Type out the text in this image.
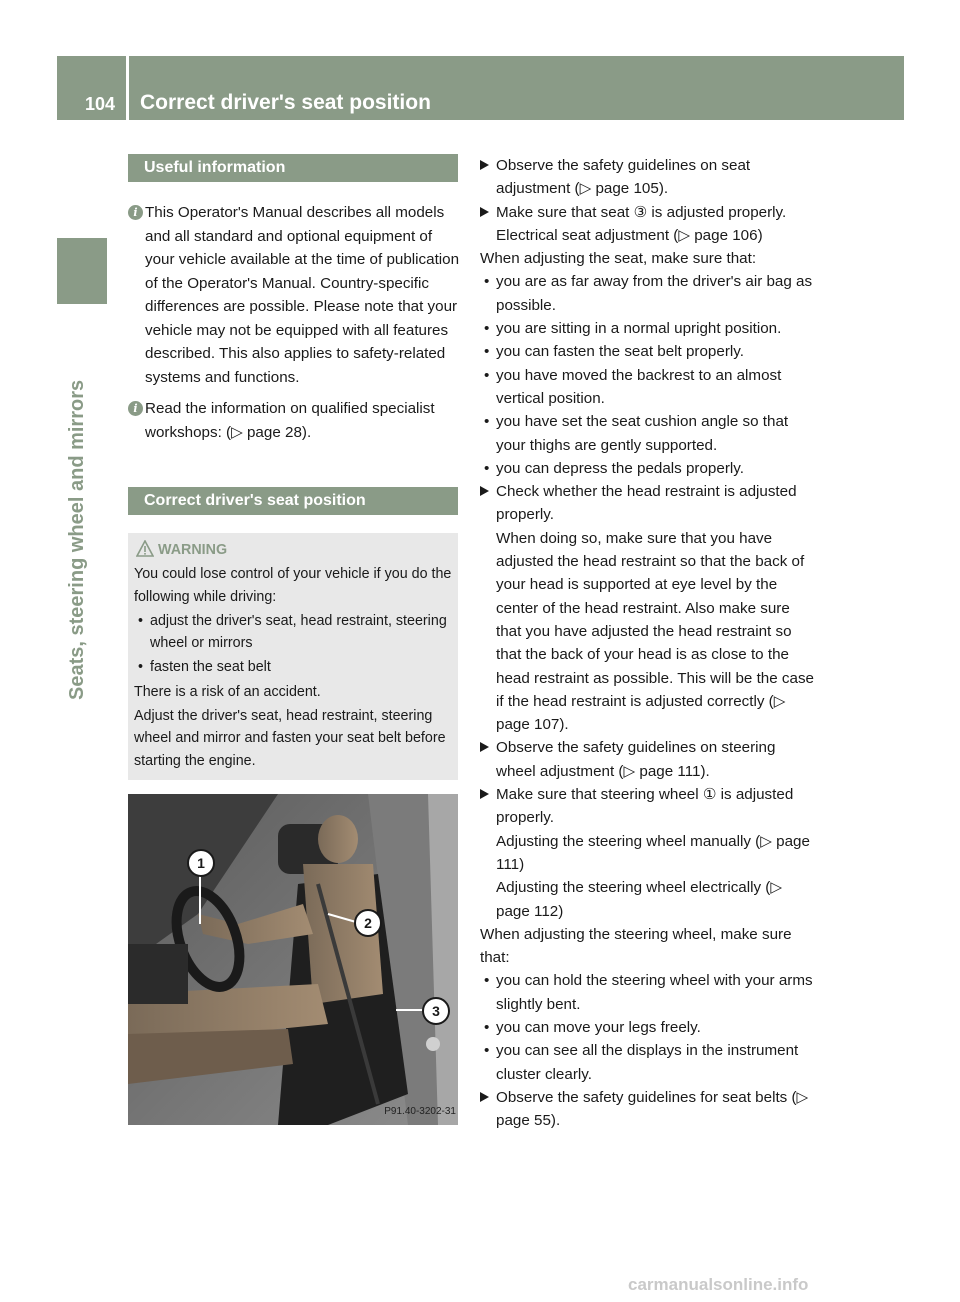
104 Correct driver's seat position
Seats, steering wheel and mirrors
Useful information

i This Operator's Manual describes all models and all standard and optional equipment of your vehicle available at the time of publication of the Operator's Manual. Country-specific differences are possible. Please note that your vehicle may not be equipped with all features described. This also applies to safety-related systems and functions.

i Read the information on qualified specialist workshops: (▷ page 28).

Correct driver's seat position

WARNING

You could lose control of your vehicle if you do the following while driving:

• adjust the driver's seat, head restraint, steering wheel or mirrors

• fasten the seat belt

There is a risk of an accident.

Adjust the driver's seat, head restraint, steering wheel and mirror and fasten your seat belt before starting the engine.

1
2
3
P91.40-3202-31

Observe the safety guidelines on seat adjustment (▷ page 105).

Make sure that seat ③ is adjusted properly.

Electrical seat adjustment (▷ page 106)

When adjusting the seat, make sure that:

• you are as far away from the driver's air bag as possible.

• you are sitting in a normal upright position.

• you can fasten the seat belt properly.

• you have moved the backrest to an almost vertical position.

• you have set the seat cushion angle so that your thighs are gently supported.

• you can depress the pedals properly.

Check whether the head restraint is adjusted properly.

When doing so, make sure that you have adjusted the head restraint so that the back of your head is supported at eye level by the center of the head restraint. Also make sure that you have adjusted the head restraint so that the back of your head is as close to the head restraint as possible. This will be the case if the head restraint is adjusted correctly (▷ page 107).

Observe the safety guidelines on steering wheel adjustment (▷ page 111).

Make sure that steering wheel ① is adjusted properly.

Adjusting the steering wheel manually (▷ page 111)

Adjusting the steering wheel electrically (▷ page 112)

When adjusting the steering wheel, make sure that:

• you can hold the steering wheel with your arms slightly bent.

• you can move your legs freely.

• you can see all the displays in the instrument cluster clearly.

Observe the safety guidelines for seat belts (▷ page 55).

carmanualsonline.info
